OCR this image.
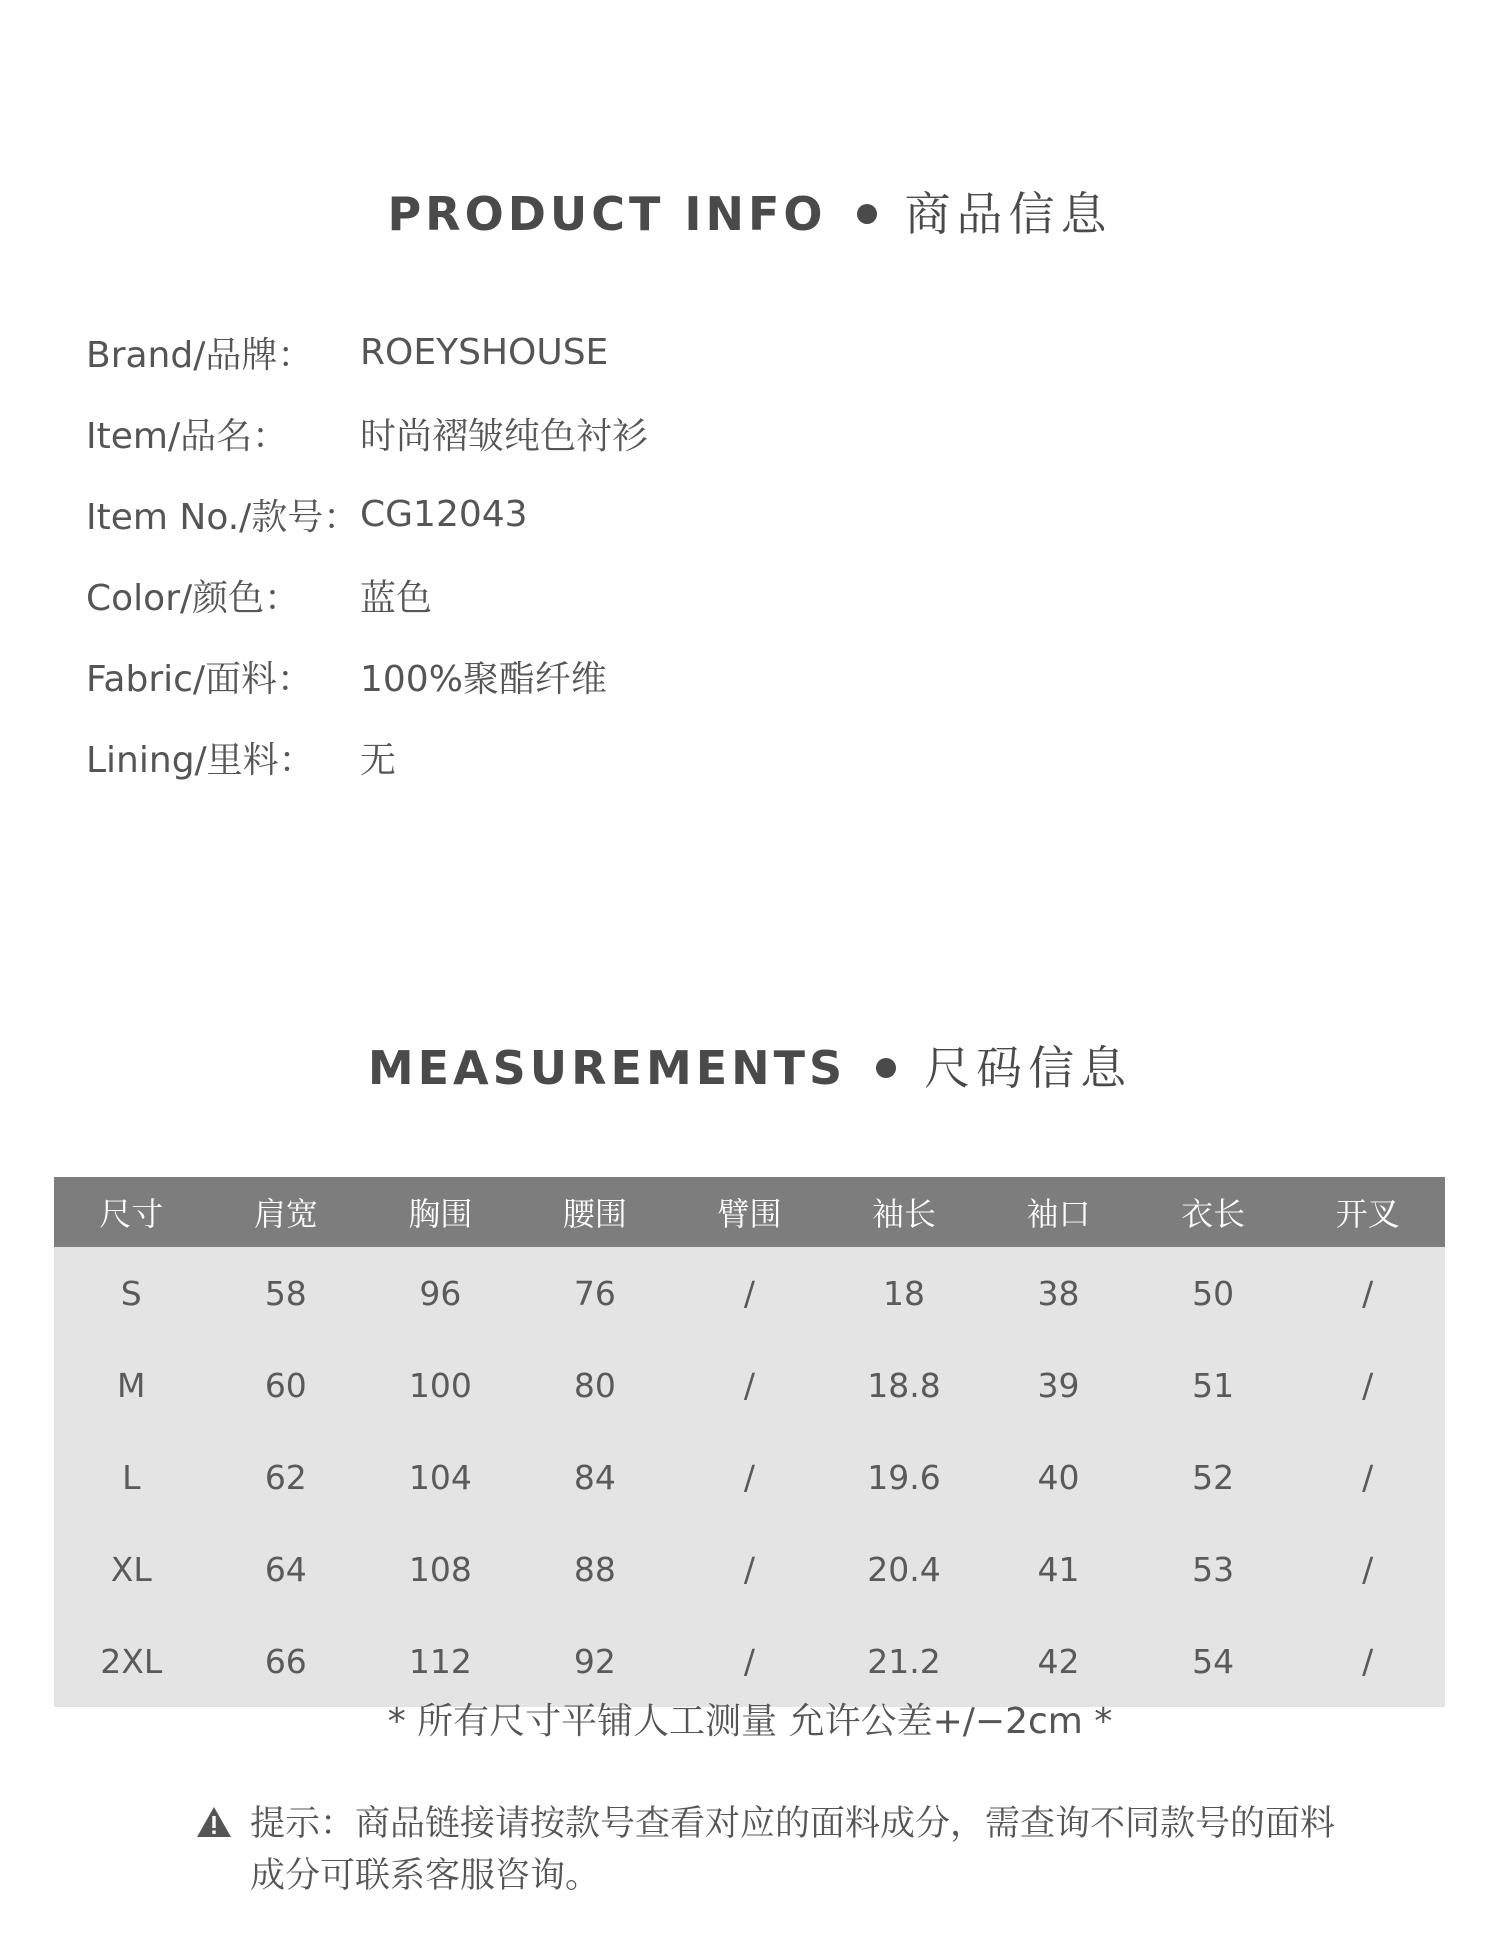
PRODUCT INFO 商品信息
Brand/品牌：	ROEYSHOUSE
Item/品名：	时尚褶皱纯色衬衫
Item No./款号： CG12043
Color/颜色：	蓝色
Fabric/面料：	100%聚酯纤维
Lining/里料：	无
MEASUREMENTS 尺码信息
尺寸	肩宽	胸围	腰围	臂围	袖长	袖口	衣长	开叉
S	58	96	76	/	18	38	50	/
M	60	100	80	/	18.8	39	51	/
L	62	104	84	/	19.6	40	52	/
XL	64	108	88	/	20.4	41	53	/
2XL	66	112	92	/	21.2	42	54	/
* 所有尺寸平铺人工测量 允许公差+/−2cm *
提示：商品链接请按款号查看对应的面料成分，需查询不同款号的面料成分可联系客服咨询。
